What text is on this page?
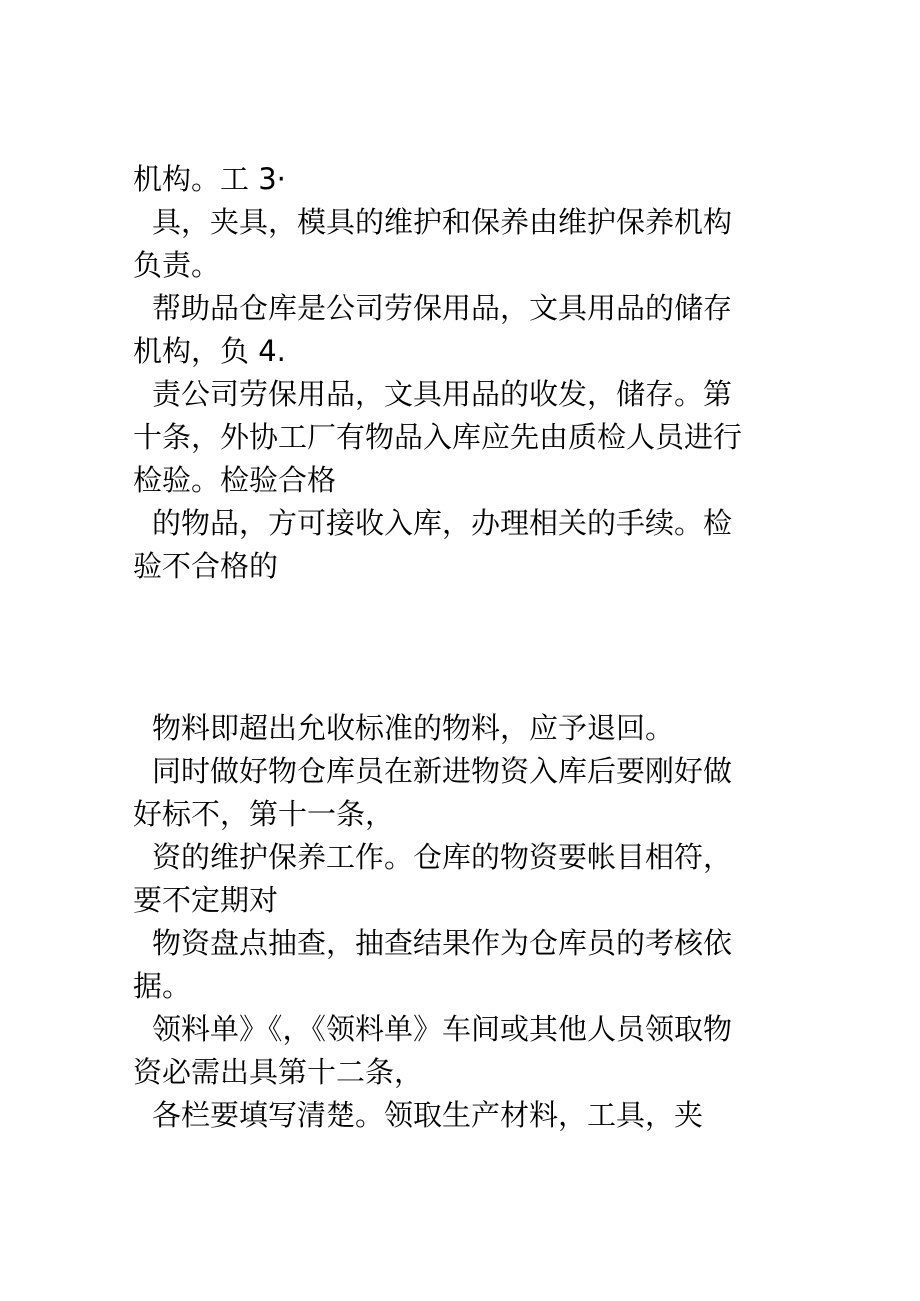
机构。工 3·

具，夹具，模具的维护和保养由维护保养机构

负责。

帮助品仓库是公司劳保用品，文具用品的储存

机构，负 4.

责公司劳保用品，文具用品的收发，储存。第

十条，外协工厂有物品入库应先由质检人员进行

检验。检验合格

的物品，方可接收入库，办理相关的手续。检

验不合格的

物料即超出允收标准的物料，应予退回。

同时做好物仓库员在新进物资入库后要刚好做

好标不，第十一条，

资的维护保养工作。仓库的物资要帐目相符，

要不定期对

物资盘点抽查，抽查结果作为仓库员的考核依

据。

领料单》《，《领料单》车间或其他人员领取物

资必需出具第十二条，

各栏要填写清楚。领取生产材料，工具，夹
